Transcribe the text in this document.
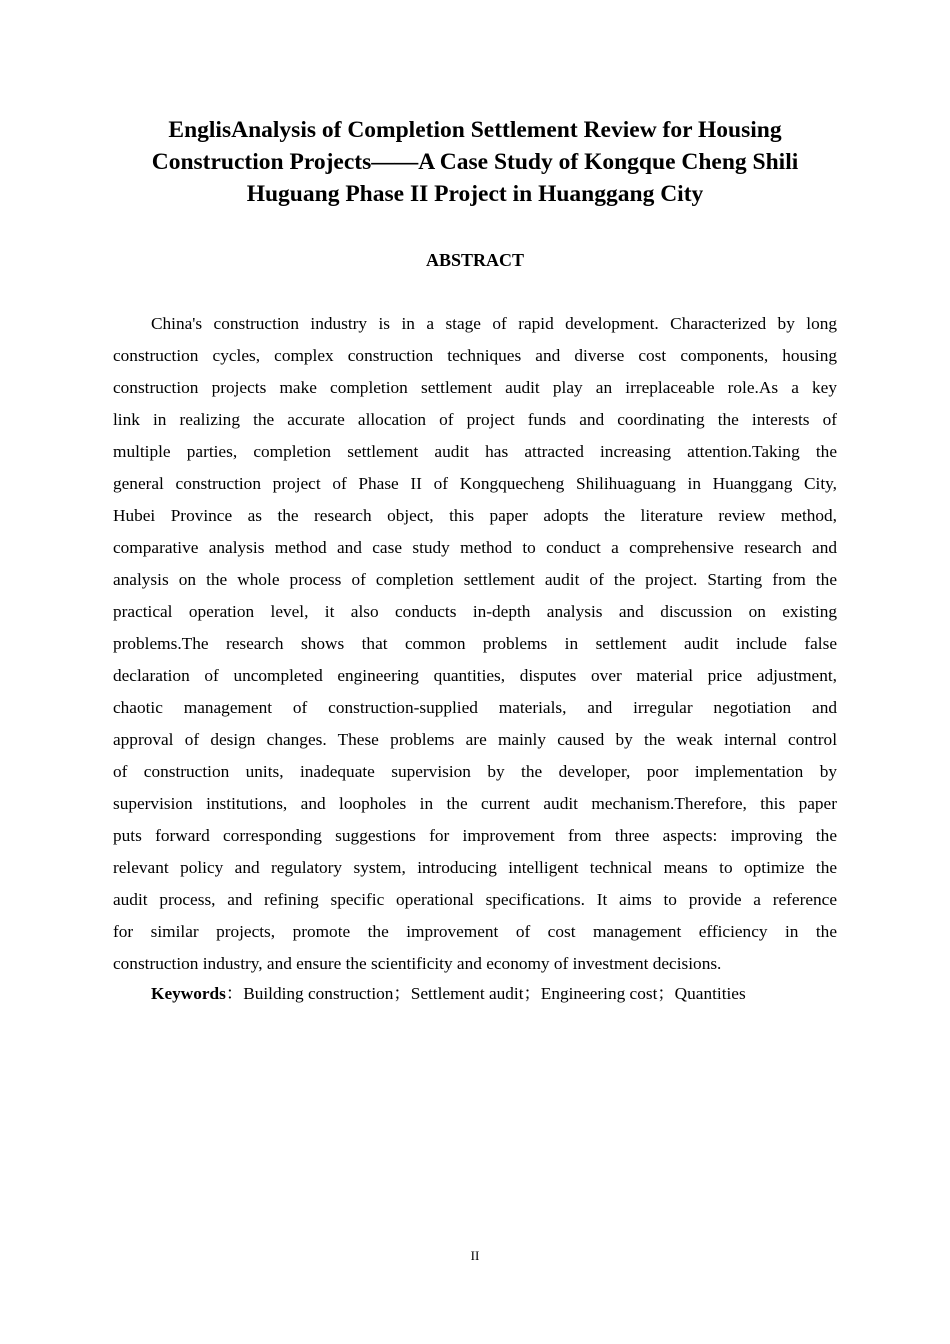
EnglisAnalysis of Completion Settlement Review for Housing
Construction Projects——A Case Study of Kongque Cheng Shili
Huguang Phase II Project in Huanggang City
ABSTRACT
China's construction industry is in a stage of rapid development. Characterized by long
construction cycles, complex construction techniques and diverse cost components, housing
construction projects make completion settlement audit play an irreplaceable role.As a key
link in realizing the accurate allocation of project funds and coordinating the interests of
multiple parties, completion settlement audit has attracted increasing attention.Taking the
general construction project of Phase II of Kongquecheng Shilihuaguang in Huanggang City,
Hubei Province as the research object, this paper adopts the literature review method,
comparative analysis method and case study method to conduct a comprehensive research and
analysis on the whole process of completion settlement audit of the project. Starting from the
practical operation level, it also conducts in-depth analysis and discussion on existing
problems.The research shows that common problems in settlement audit include false
declaration of uncompleted engineering quantities, disputes over material price adjustment,
chaotic management of construction-supplied materials, and irregular negotiation and
approval of design changes. These problems are mainly caused by the weak internal control
of construction units, inadequate supervision by the developer, poor implementation by
supervision institutions, and loopholes in the current audit mechanism.Therefore, this paper
puts forward corresponding suggestions for improvement from three aspects: improving the
relevant policy and regulatory system, introducing intelligent technical means to optimize the
audit process, and refining specific operational specifications. It aims to provide a reference
for similar projects, promote the improvement of cost management efficiency in the
construction industry, and ensure the scientificity and economy of investment decisions.

Keywords：Building construction；Settlement audit；Engineering cost；Quantities

II
